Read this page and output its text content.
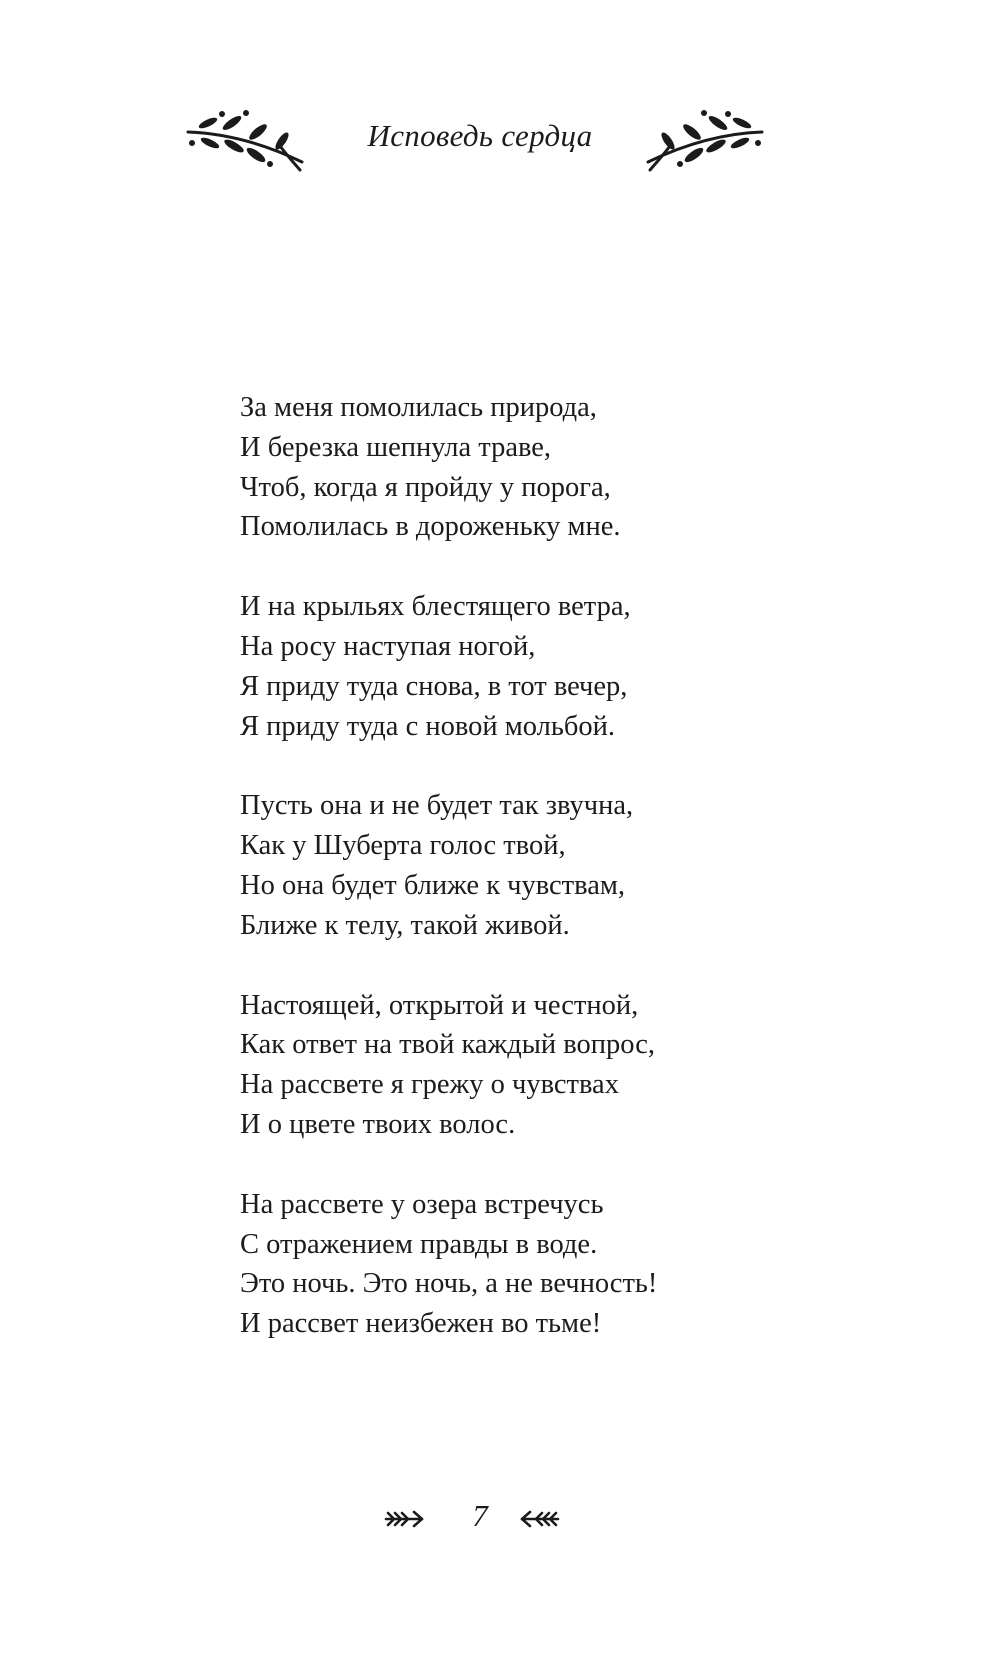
Исповедь сердца
За меня помолилась природа,
И березка шепнула траве,
Чтоб, когда я пройду у порога,
Помолилась в дороженьку мне.
И на крыльях блестящего ветра,
На росу наступая ногой,
Я приду туда снова, в тот вечер,
Я приду туда с новой мольбой.
Пусть она и не будет так звучна,
Как у Шуберта голос твой,
Но она будет ближе к чувствам,
Ближе к телу, такой живой.
Настоящей, открытой и честной,
Как ответ на твой каждый вопрос,
На рассвете я грежу о чувствах
И о цвете твоих волос.
На рассвете у озера встречусь
С отражением правды в воде.
Это ночь. Это ночь, а не вечность!
И рассвет неизбежен во тьме!
7
